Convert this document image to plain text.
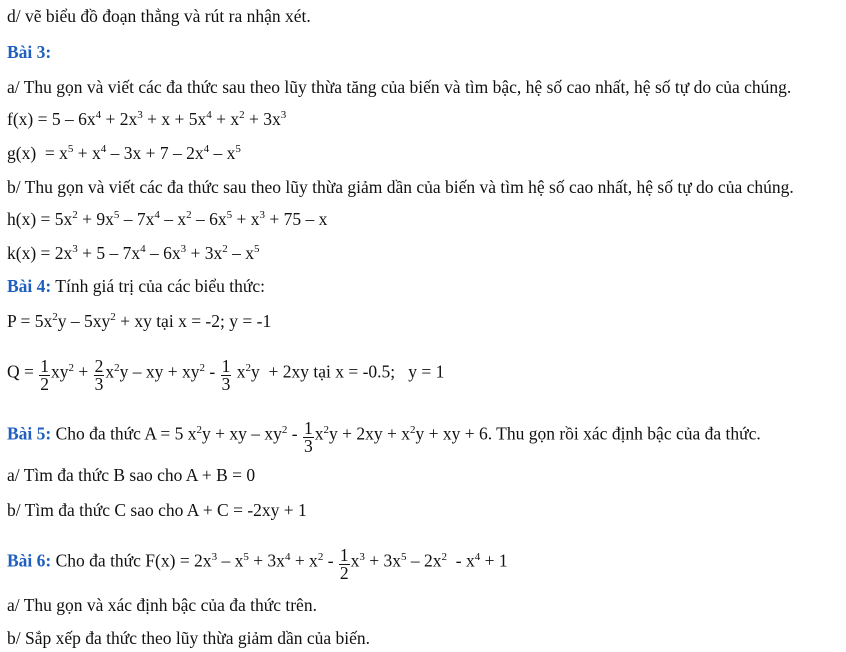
d/ vẽ biểu đồ đoạn thẳng và rút ra nhận xét.
Bài 3:
a/ Thu gọn và viết các đa thức sau theo lũy thừa tăng của biến và tìm bậc, hệ số cao nhất, hệ số tự do của chúng.
$f(x) = 5 - 6x^4 + 2x^3 + x + 5x^4 + x^2 + 3x^3$
$g(x) = x^5 + x^4 - 3x + 7 - 2x^4 - x^5$
b/ Thu gọn và viết các đa thức sau theo lũy thừa giảm dần của biến và tìm hệ số cao nhất, hệ số tự do của chúng.
$h(x) = 5x^2 + 9x^5 - 7x^4 - x^2 - 6x^5 + x^3 + 75 - x$
$k(x) = 2x^3 + 5 - 7x^4 - 6x^3 + 3x^2 - x^5$
Bài 4: Tính giá trị của các biểu thức:
$P = 5x^2y - 5xy^2$ + xy tại x = -2; y = -1
$Q = \frac{1}{2} xy^2 + \frac{2}{3} x^2y$ – xy + $xy^2 - \frac{1}{3} x^2y + 2xy$ tại x = -0.5;   y = 1
Bài 5: Cho đa thức A = 5 $x^2y$ + xy – $xy^2 - \frac{1}{3} x^2y + 2xy + x^2y$ + xy + 6. Thu gọn rồi xác định bậc của đa thức.
a/ Tìm đa thức B sao cho A + B = 0
b/ Tìm đa thức C sao cho A + C = -2xy + 1
Bài 6: Cho đa thức $F(x) = 2x^3 - x^5 + 3x^4 + x^2 - \frac{1}{2} x^3 + 3x^5 - 2x^2 - x^4 + 1$
a/ Thu gọn và xác định bậc của đa thức trên.
b/ Sắp xếp đa thức theo lũy thừa giảm dần của biến.
